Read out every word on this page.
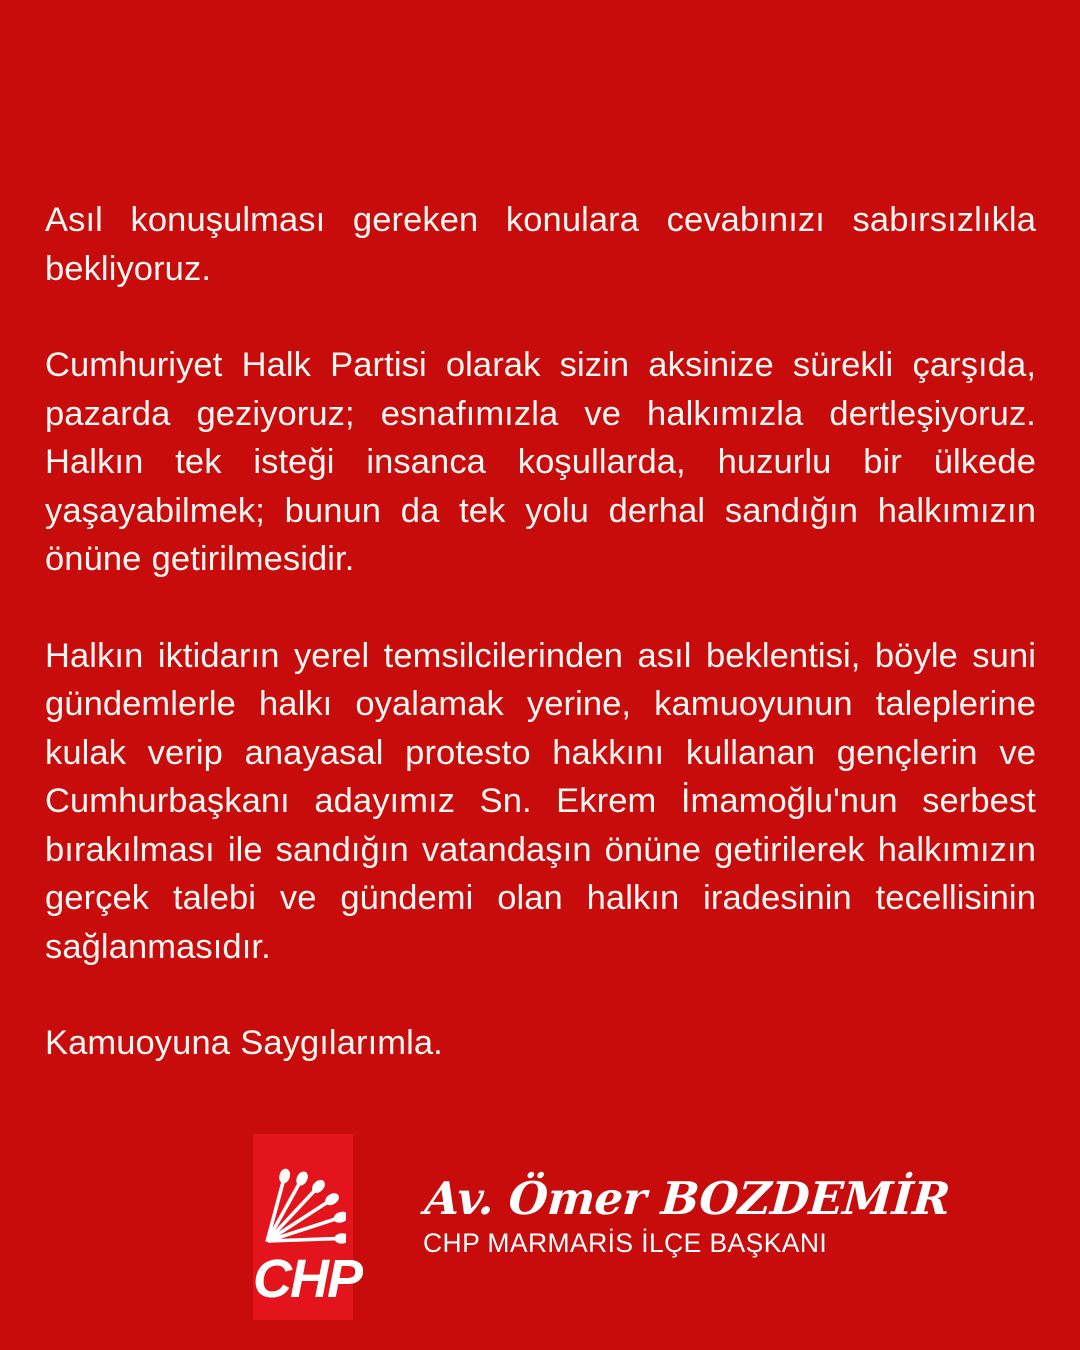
Asıl konuşulması gereken konulara cevabınızı sabırsızlıkla bekliyoruz.

Cumhuriyet Halk Partisi olarak sizin aksinize sürekli çarşıda, pazarda geziyoruz; esnafımızla ve halkımızla dertleşiyoruz. Halkın tek isteği insanca koşullarda, huzurlu bir ülkede yaşayabilmek; bunun da tek yolu derhal sandığın halkımızın önüne getirilmesidir.

Halkın iktidarın yerel temsilcilerinden asıl beklentisi, böyle suni gündemlerle halkı oyalamak yerine, kamuoyunun taleplerine kulak verip anayasal protesto hakkını kullanan gençlerin ve Cumhurbaşkanı adayımız Sn. Ekrem İmamoğlu'nun serbest bırakılması ile sandığın vatandaşın önüne getirilerek halkımızın gerçek talebi ve gündemi olan halkın iradesinin tecellisinin sağlanmasıdır.

Kamuoyuna Saygılarımla.

CHP
Av. Ömer BOZDEMİR
CHP MARMARİS İLÇE BAŞKANI
